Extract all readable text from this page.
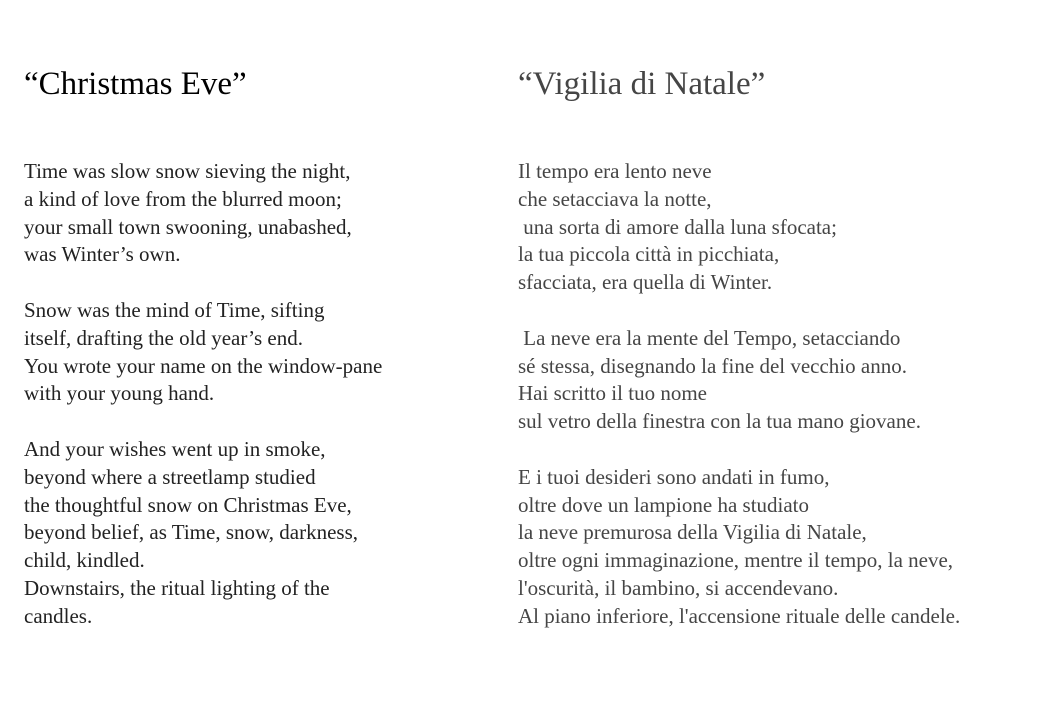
“Christmas Eve”

Time was slow snow sieving the night,
a kind of love from the blurred moon;
your small town swooning, unabashed,
was Winter’s own.

Snow was the mind of Time, sifting
itself, drafting the old year’s end.
You wrote your name on the window-pane
with your young hand.

And your wishes went up in smoke,
beyond where a streetlamp studied
the thoughtful snow on Christmas Eve,
beyond belief, as Time, snow, darkness,
child, kindled.
Downstairs, the ritual lighting of the
candles.

“Vigilia di Natale”

Il tempo era lento neve
che setacciava la notte,
una sorta di amore dalla luna sfocata;
la tua piccola città in picchiata,
sfacciata, era quella di Winter.

La neve era la mente del Tempo, setacciando
sé stessa, disegnando la fine del vecchio anno.
Hai scritto il tuo nome
sul vetro della finestra con la tua mano giovane.

E i tuoi desideri sono andati in fumo,
oltre dove un lampione ha studiato
la neve premurosa della Vigilia di Natale,
oltre ogni immaginazione, mentre il tempo, la neve,
l'oscurità, il bambino, si accendevano.
Al piano inferiore, l'accensione rituale delle candele.
